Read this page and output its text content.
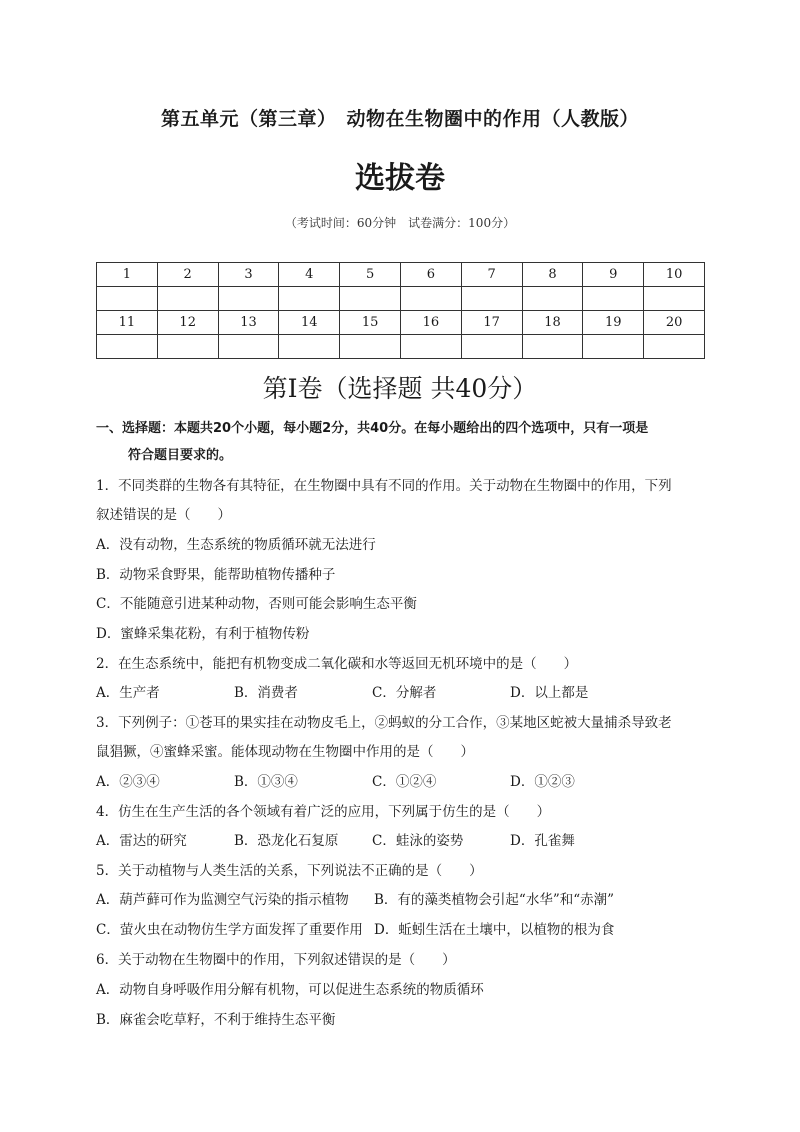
第五单元（第三章）　动物在生物圈中的作用（人教版）
选拔卷
（考试时间：60分钟　试卷满分：100分）
1	2	3	4	5	6	7	8	9	10

11	12	13	14	15	16	17	18	19	20

第Ⅰ卷（选择题 共40分）
一、选择题：本题共20个小题，每小题2分，共40分。在每小题给出的四个选项中，只有一项是
符合题目要求的。
1．不同类群的生物各有其特征，在生物圈中具有不同的作用。关于动物在生物圈中的作用，下列
叙述错误的是（　　）
A．没有动物，生态系统的物质循环就无法进行
B．动物采食野果，能帮助植物传播种子
C．不能随意引进某种动物，否则可能会影响生态平衡
D．蜜蜂采集花粉，有利于植物传粉
2．在生态系统中，能把有机物变成二氧化碳和水等返回无机环境中的是（　　）
A．生产者	B．消费者	C．分解者	D．以上都是
3．下列例子：①苍耳的果实挂在动物皮毛上，②蚂蚁的分工合作，③某地区蛇被大量捕杀导致老
鼠猖獗，④蜜蜂采蜜。能体现动物在生物圈中作用的是（　　）
A．②③④	B．①③④	C．①②④	D．①②③
4．仿生在生产生活的各个领域有着广泛的应用，下列属于仿生的是（　　）
A．雷达的研究	B．恐龙化石复原 C．蛙泳的姿势	D．孔雀舞
5．关于动植物与人类生活的关系，下列说法不正确的是（　　）
A．葫芦藓可作为监测空气污染的指示植物 B．有的藻类植物会引起“水华”和“赤潮”
C．萤火虫在动物仿生学方面发挥了重要作用 D．蚯蚓生活在土壤中，以植物的根为食
6．关于动物在生物圈中的作用，下列叙述错误的是（　　）
A．动物自身呼吸作用分解有机物，可以促进生态系统的物质循环
B．麻雀会吃草籽，不利于维持生态平衡
